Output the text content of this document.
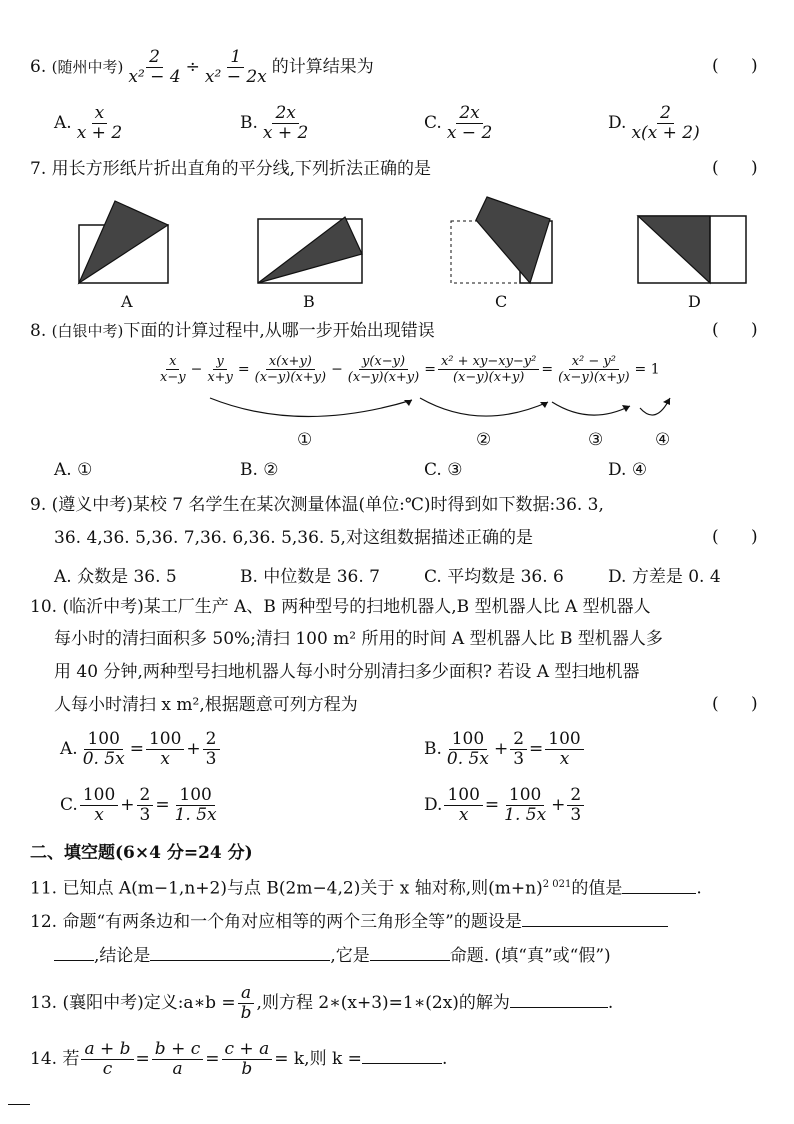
6. (随州中考) $\frac{2}{\text{x² − 4}} \div \frac{1}{\text{x² − 2x}}$ 的计算结果为	(      )
A. $\frac{x}{x + 2}$	B. $\frac{2x}{x + 2}$	C. $\frac{2x}{x - 2}$	D. $\frac{2}{x(x + 2)}$
7. 用长方形纸片折出直角的平分线,下列折法正确的是	(      )
A	B	C	D
8. (白银中考)下面的计算过程中,从哪一步开始出现错误	(      )
$\frac{x}{x-y} - \frac{y}{x+y} = \frac{x(x+y)}{(x-y)(x+y)} - \frac{y(x-y)}{(x-y)(x+y)} = \frac{\text{x² + xy−xy−y²}}{(x-y)(x+y)} = \frac{\text{x² − y²}}{(x-y)(x+y)} = 1$
①	②	③	④
A. ①	B. ②	C. ③	D. ④
9. (遵义中考)某校 7 名学生在某次测量体温(单位:℃)时得到如下数据:36. 3,
36. 4,36. 5,36. 7,36. 6,36. 5,36. 5,对这组数据描述正确的是	(      )
A. 众数是 36. 5	B. 中位数是 36. 7	C. 平均数是 36. 6	D. 方差是 0. 4
10. (临沂中考)某工厂生产 A、B 两种型号的扫地机器人,B 型机器人比 A 型机器人
每小时的清扫面积多 50%;清扫 100 m² 所用的时间 A 型机器人比 B 型机器人多
用 40 分钟,两种型号扫地机器人每小时分别清扫多少面积? 若设 A 型扫地机器
人每小时清扫 x m²,根据题意可列方程为	(      )
A. $\frac{100}{0. 5x} = \frac{100}{x} + \frac{2}{3}$	B. $\frac{100}{0. 5x} + \frac{2}{3} = \frac{100}{x}$
C. $\frac{100}{x} + \frac{2}{3} = \frac{100}{1. 5x}$	D. $\frac{100}{x} = \frac{100}{1. 5x} + \frac{2}{3}$
二、填空题(6×4 分=24 分)
11. 已知点 A(m−1,n+2)与点 B(2m−4,2)关于 x 轴对称,则$(m+n)^{2 021}$的值是	.
12. 命题“有两条边和一个角对应相等的两个三角形全等”的题设是
,结论是	,它是	命题. (填“真”或“假”)
13. (襄阳中考)定义:a∗b = $\frac{a}{b}$ ,则方程 2∗(x+3)=1∗(2x)的解为	.
14. 若 $\frac{a + b}{c} = \frac{b + c}{a} = \frac{c + a}{b} = k$,则 k =	.
